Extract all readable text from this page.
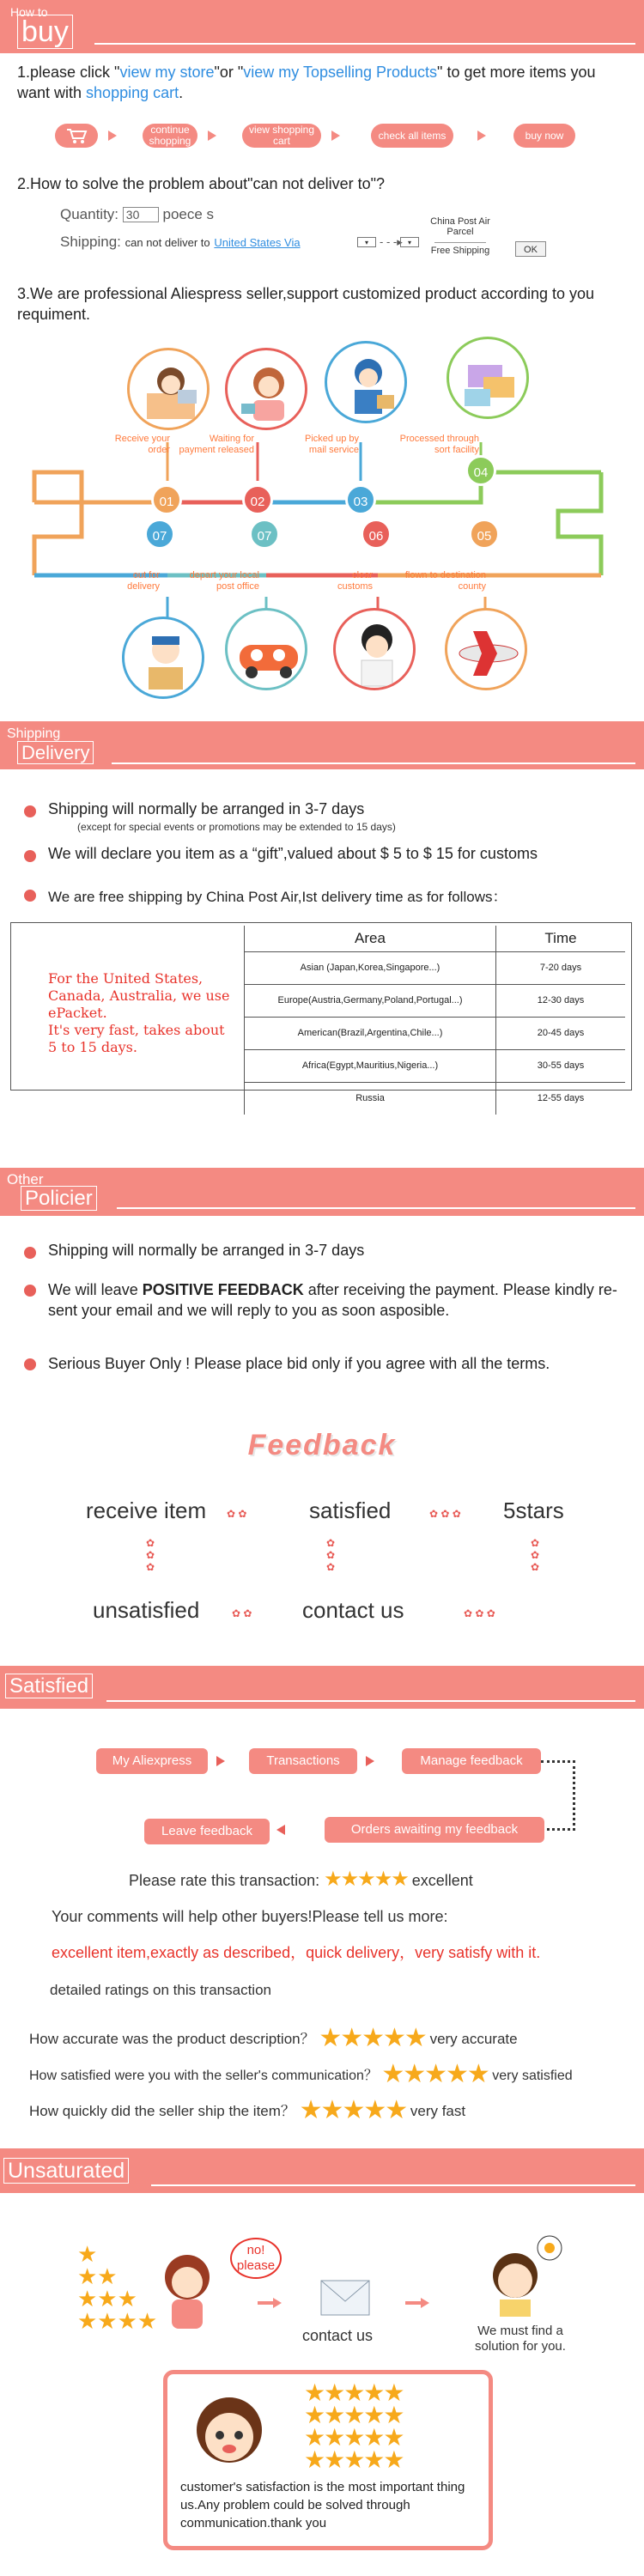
How to
buy
1.please click "view my store"or "view my Topselling Products" to get more items you want with shopping cart.
continue shopping
view shopping cart	check all items	buy now
2.How to solve the problem about"can not deliver to"?
Quantity: 30 poece s
Shipping: can not deliver to United States Via	▾	- - -▸ ▾
China Post Air Parcel
Free Shipping	OK
3.We are professional Aliespress seller,support customized product according to you requiment.
Receive your order
Waiting for payment released
Picked up by mail service
Processed through sort facility
01	02	03
04
05
06
07
07
out for delivery
depart your local post office
clear customs
flown to destination county
Shipping
Delivery
Shipping will normally be arranged in 3-7 days
(except for special events or promotions may be extended to 15 days)
We will declare you item as a “gift”,valued about $ 5 to $ 15 for customs
We are free shipping by China Post Air,Ist delivery time as for follows：
For the United States, Canada, Australia, we use ePacket.
It's very fast, takes about 5 to 15 days.
Area	Time
Asian (Japan,Korea,Singapore...)	7-20 days
Europe(Austria,Germany,Poland,Portugal...)	12-30 days
American(Brazil,Argentina,Chile...)	20-45 days
Africa(Egypt,Mauritius,Nigeria...)	30-55 days
Russia	12-55 days
Other
Policier
Shipping will normally be arranged in 3-7 days
We will leave POSITIVE FEEDBACK after receiving the payment. Please kindly re-sent your email and we will reply to you as soon asposible.
Serious Buyer Only ! Please place bid only if you agree with all the terms.
Feedback
receive item	satisfied	5stars
unsatisfied	contact us
✿ ✿	✿ ✿ ✿
✿
✿
✿
✿
✿
✿
✿
✿
✿
✿ ✿	✿ ✿ ✿
Satisfied
My Aliexpress	Transactions	Manage feedback
Orders awaiting my feedback
Leave feedback
Please rate this transaction: ★★★★★ excellent
Your comments will help other buyers!Please tell us more:
excellent item,exactly as described，quick delivery，very satisfy with it.
detailed ratings on this transaction
How accurate was the product description？ ★★★★★ very accurate
How satisfied were you with the seller's communication？ ★★★★★ very satisfied
How quickly did the seller ship the item？ ★★★★★ very fast
Unsaturated
★
★★
★★★
★★★★
no!
please
contact us	We must find a solution for you.
★★★★★
★★★★★
★★★★★
★★★★★
customer's satisfaction is the most important thing us.Any problem could be solved through communication.thank you
